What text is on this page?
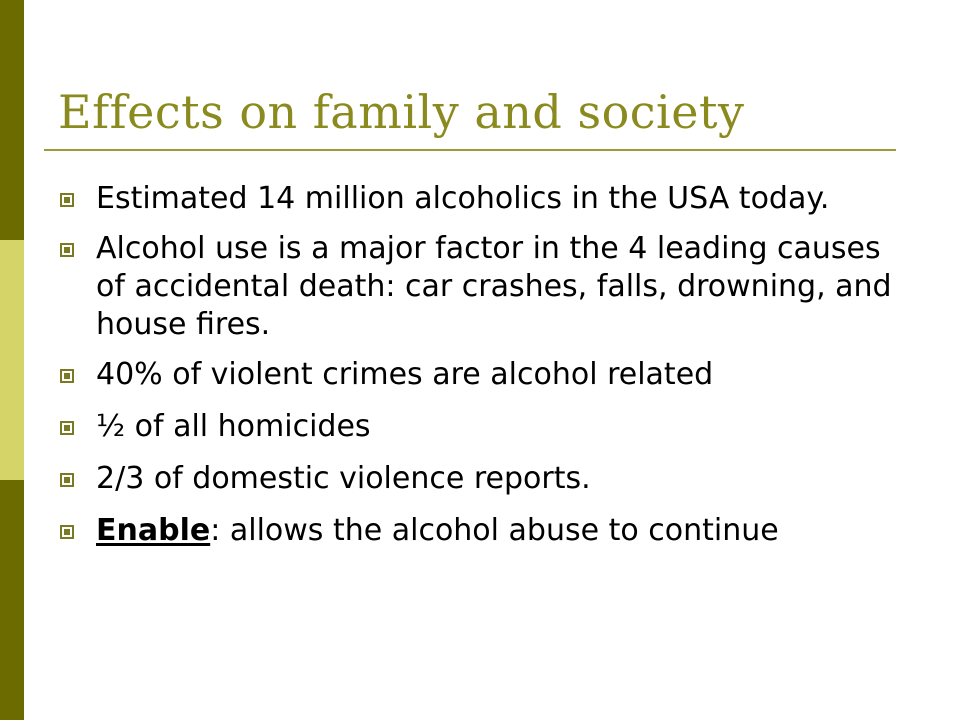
Effects on family and society
Estimated 14 million alcoholics in the USA today.
Alcohol use is a major factor in the 4 leading causes of accidental death: car crashes, falls, drowning, and house fires.
40% of violent crimes are alcohol related
½ of all homicides
2/3 of domestic violence reports.
Enable: allows the alcohol abuse to continue
